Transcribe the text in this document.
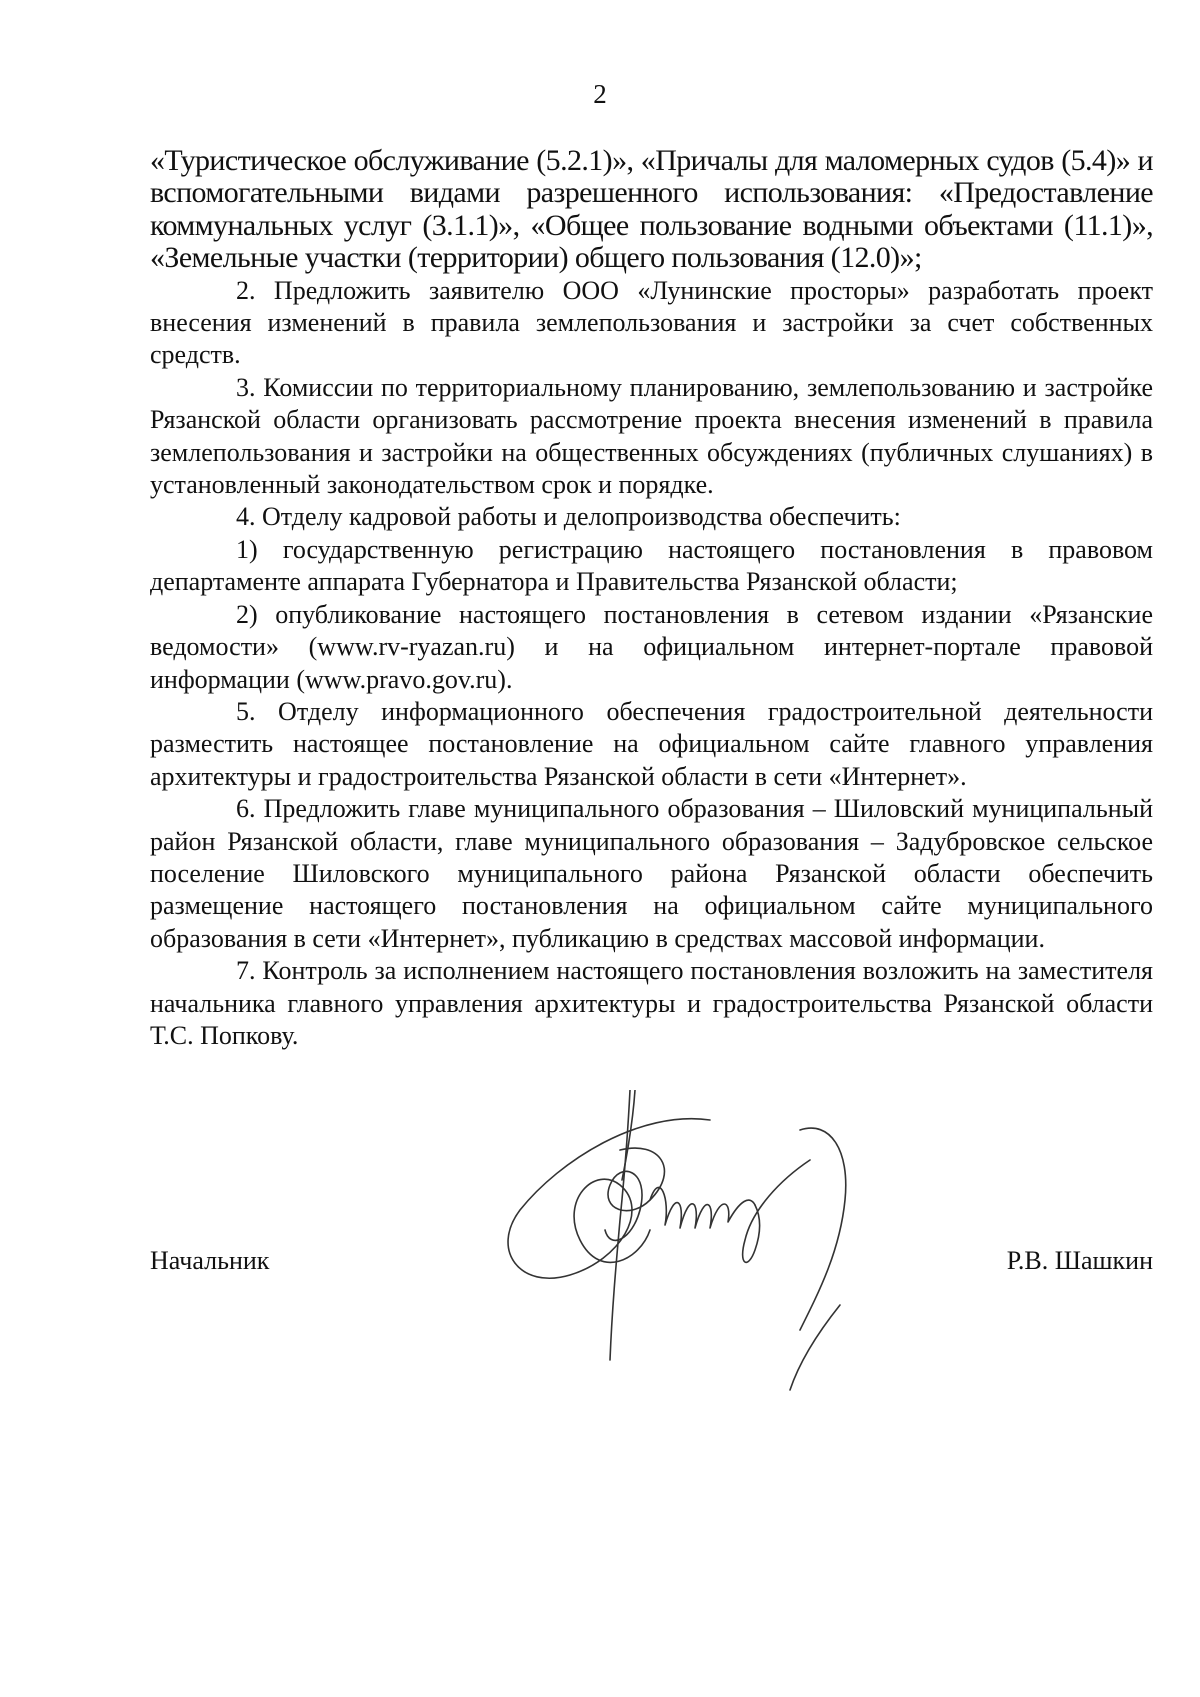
2

«Туристическое обслуживание (5.2.1)», «Причалы для маломерных судов (5.4)» и вспомогательными видами разрешенного использования: «Предоставление коммунальных услуг (3.1.1)», «Общее пользование водными объектами (11.1)», «Земельные участки (территории) общего пользования (12.0)»;

2. Предложить заявителю ООО «Лунинские просторы» разработать проект внесения изменений в правила землепользования и застройки за счет собственных средств.

3. Комиссии по территориальному планированию, землепользованию и застройке Рязанской области организовать рассмотрение проекта внесения изменений в правила землепользования и застройки на общественных обсуждениях (публичных слушаниях) в установленный законодательством срок и порядке.

4. Отделу кадровой работы и делопроизводства обеспечить:

1) государственную регистрацию настоящего постановления в правовом департаменте аппарата Губернатора и Правительства Рязанской области;

2) опубликование настоящего постановления в сетевом издании «Рязанские ведомости» (www.rv-ryazan.ru) и на официальном интернет-портале правовой информации (www.pravo.gov.ru).

5. Отделу информационного обеспечения градостроительной деятельности разместить настоящее постановление на официальном сайте главного управления архитектуры и градостроительства Рязанской области в сети «Интернет».

6. Предложить главе муниципального образования – Шиловский муниципальный район Рязанской области, главе муниципального образования – Задубровское сельское поселение Шиловского муниципального района Рязанской области обеспечить размещение настоящего постановления на официальном сайте муниципального образования в сети «Интернет», публикацию в средствах массовой информации.

7. Контроль за исполнением настоящего постановления возложить на заместителя начальника главного управления архитектуры и градостроительства Рязанской области Т.С. Попкову.

Начальник	Р.В. Шашкин
